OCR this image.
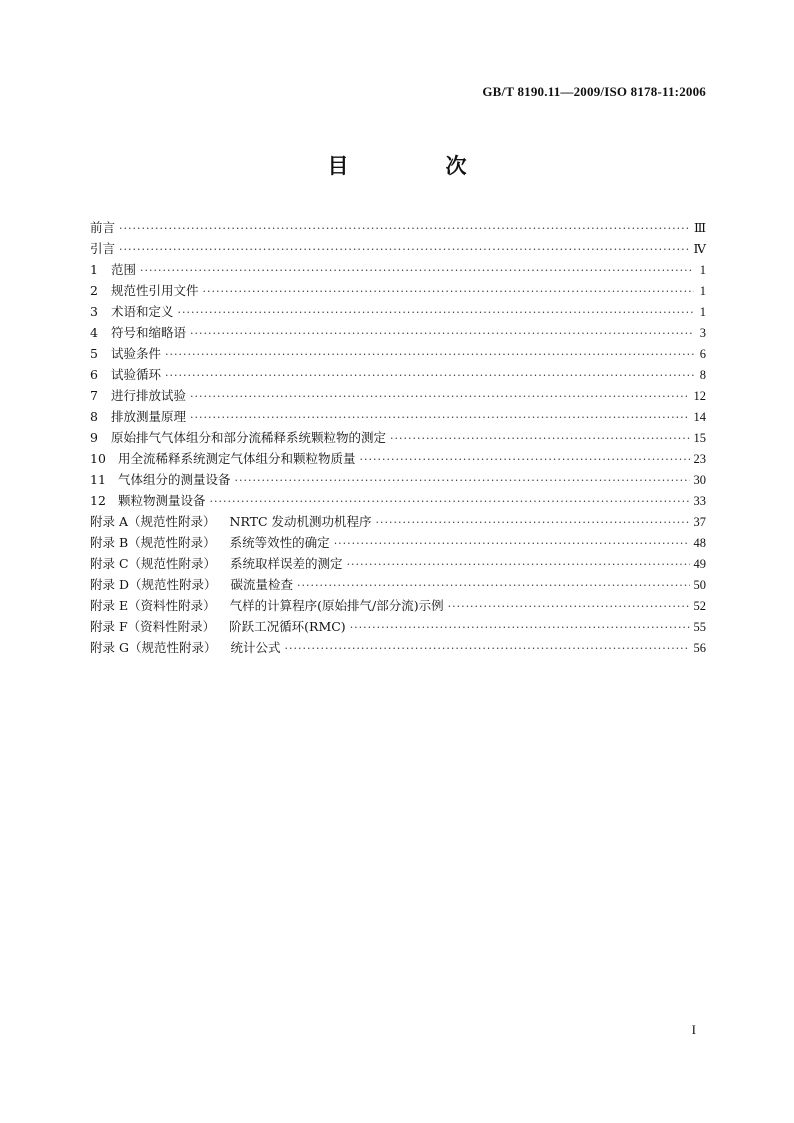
GB/T 8190.11—2009/ISO 8178-11:2006
目　次
前言 ·····	Ⅲ
引言 ·····	Ⅳ
1	范围 ·····	1
2	规范性引用文件 ·····	1
3	术语和定义 ·····	1
4	符号和缩略语 ·····	3
5	试验条件 ·····	6
6	试验循环 ·····	8
7	进行排放试验 ·····	12
8	排放测量原理 ·····	14
9	原始排气气体组分和部分流稀释系统颗粒物的测定 ·····	15
10 用全流稀释系统测定气体组分和颗粒物质量 ·····	23
11 气体组分的测量设备 ·····	30
12 颗粒物测量设备 ·····	33
附录 A（规范性附录） NRTC 发动机测功机程序 ·····	37
附录 B（规范性附录） 系统等效性的确定 ·····	48
附录 C（规范性附录） 系统取样误差的测定 ·····	49
附录 D（规范性附录） 碳流量检查 ·····	50
附录 E（资料性附录） 气样的计算程序(原始排气/部分流)示例 ·····	52
附录 F（资料性附录） 阶跃工况循环(RMC) ·····	55
附录 G（规范性附录） 统计公式 ·····	56
I
